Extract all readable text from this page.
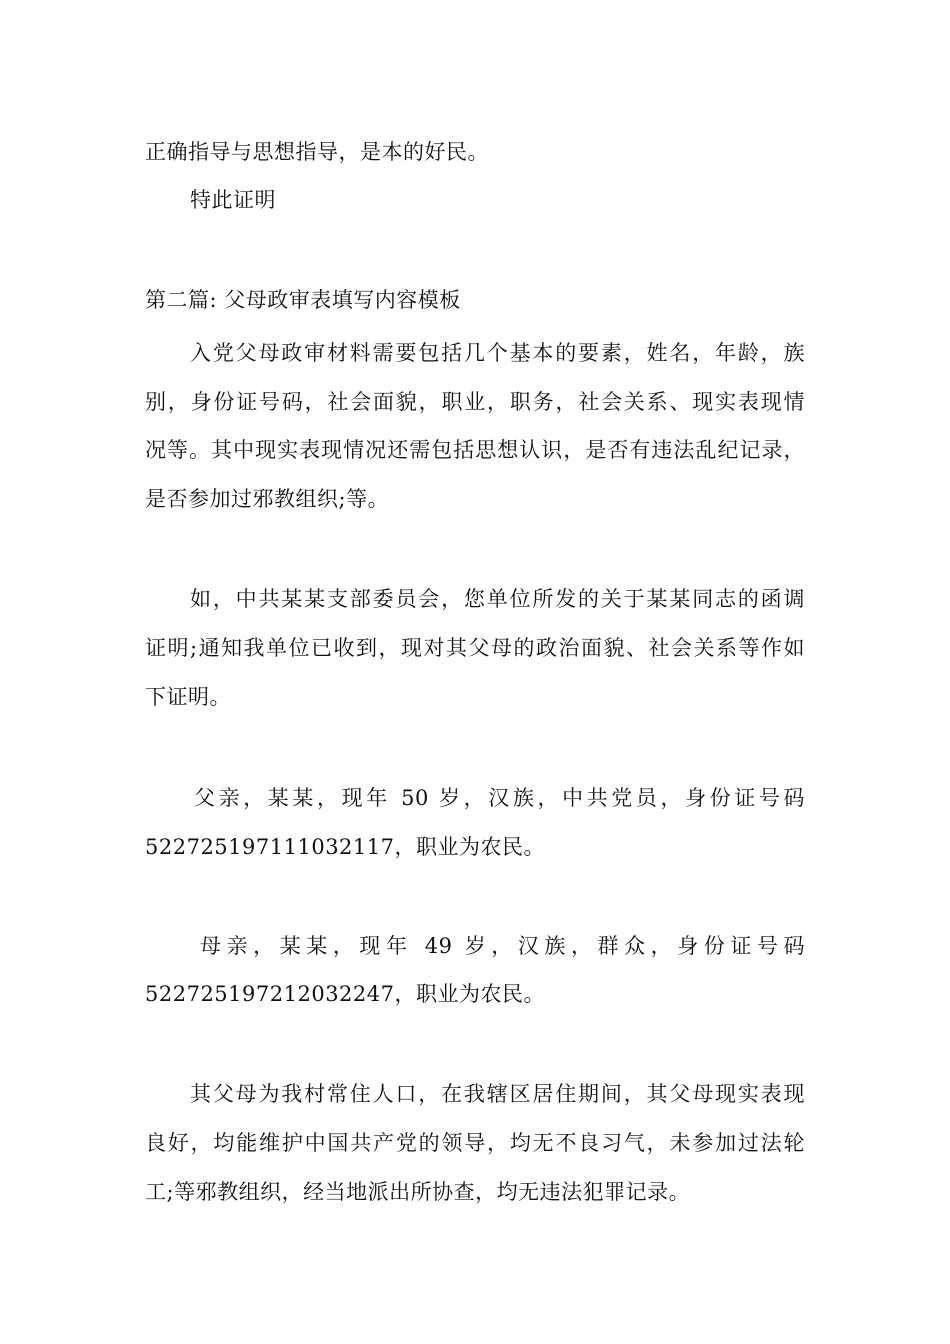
正确指导与思想指导，是本的好民。
特此证明
第二篇: 父母政审表填写内容模板
入党父母政审材料需要包括几个基本的要素，姓名，年龄，族
别，身份证号码，社会面貌，职业，职务，社会关系、现实表现情
况等。其中现实表现情况还需包括思想认识，是否有违法乱纪记录，
是否参加过邪教组织;等。
如，中共某某支部委员会，您单位所发的关于某某同志的函调
证明;通知我单位已收到，现对其父母的政治面貌、社会关系等作如
下证明。
父亲，某某，现年 50 岁，汉族，中共党员，身份证号码
522725197111032117，职业为农民。
母亲，某某，现年 49 岁，汉族，群众，身份证号码
522725197212032247，职业为农民。
其父母为我村常住人口，在我辖区居住期间，其父母现实表现
良好，均能维护中国共产党的领导，均无不良习气，未参加过法轮
工;等邪教组织，经当地派出所协查，均无违法犯罪记录。
